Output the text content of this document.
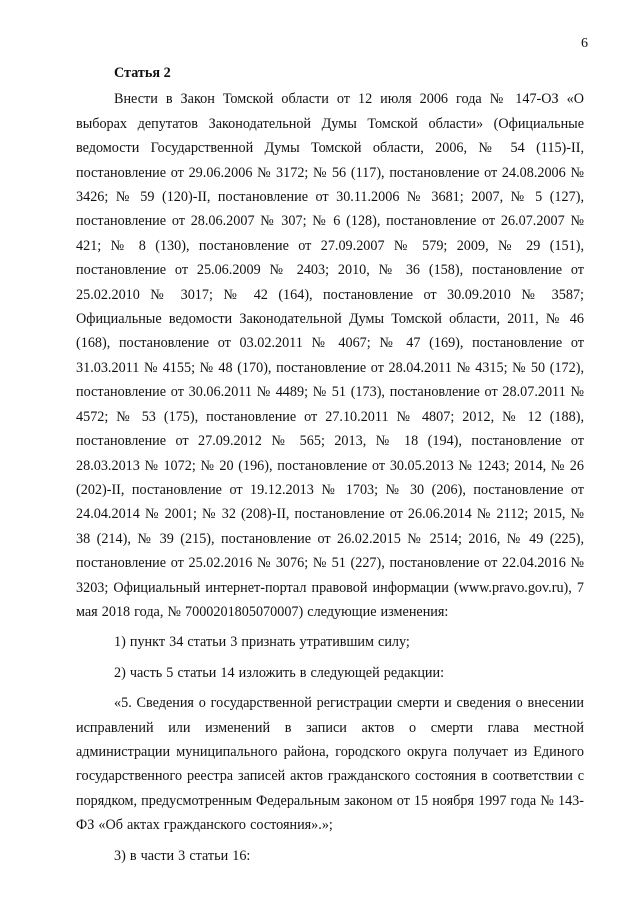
6

Статья 2

Внести в Закон Томской области от 12 июля 2006 года № 147-ОЗ «О выборах депутатов Законодательной Думы Томской области» (Официальные ведомости Государственной Думы Томской области, 2006, № 54 (115)-II, постановление от 29.06.2006 № 3172; № 56 (117), постановление от 24.08.2006 № 3426; № 59 (120)-II, постановление от 30.11.2006 № 3681; 2007, № 5 (127), постановление от 28.06.2007 № 307; № 6 (128), постановление от 26.07.2007 № 421; № 8 (130), постановление от 27.09.2007 № 579; 2009, № 29 (151), постановление от 25.06.2009 № 2403; 2010, № 36 (158), постановление от 25.02.2010 № 3017; № 42 (164), постановление от 30.09.2010 № 3587; Официальные ведомости Законодательной Думы Томской области, 2011, № 46 (168), постановление от 03.02.2011 № 4067; № 47 (169), постановление от 31.03.2011 № 4155; № 48 (170), постановление от 28.04.2011 № 4315; № 50 (172), постановление от 30.06.2011 № 4489; № 51 (173), постановление от 28.07.2011 № 4572; № 53 (175), постановление от 27.10.2011 № 4807; 2012, № 12 (188), постановление от 27.09.2012 № 565; 2013, № 18 (194), постановление от 28.03.2013 № 1072; № 20 (196), постановление от 30.05.2013 № 1243; 2014, № 26 (202)-II, постановление от 19.12.2013 № 1703; № 30 (206), постановление от 24.04.2014 № 2001; № 32 (208)-II, постановление от 26.06.2014 № 2112; 2015, № 38 (214), № 39 (215), постановление от 26.02.2015 № 2514; 2016, № 49 (225), постановление от 25.02.2016 № 3076; № 51 (227), постановление от 22.04.2016 № 3203; Официальный интернет-портал правовой информации (www.pravo.gov.ru), 7 мая 2018 года, № 7000201805070007) следующие изменения:

1) пункт 34 статьи 3 признать утратившим силу;

2) часть 5 статьи 14 изложить в следующей редакции:

«5. Сведения о государственной регистрации смерти и сведения о внесении исправлений или изменений в записи актов о смерти глава местной администрации муниципального района, городского округа получает из Единого государственного реестра записей актов гражданского состояния в соответствии с порядком, предусмотренным Федеральным законом от 15 ноября 1997 года № 143-ФЗ «Об актах гражданского состояния».»;

3) в части 3 статьи 16:
